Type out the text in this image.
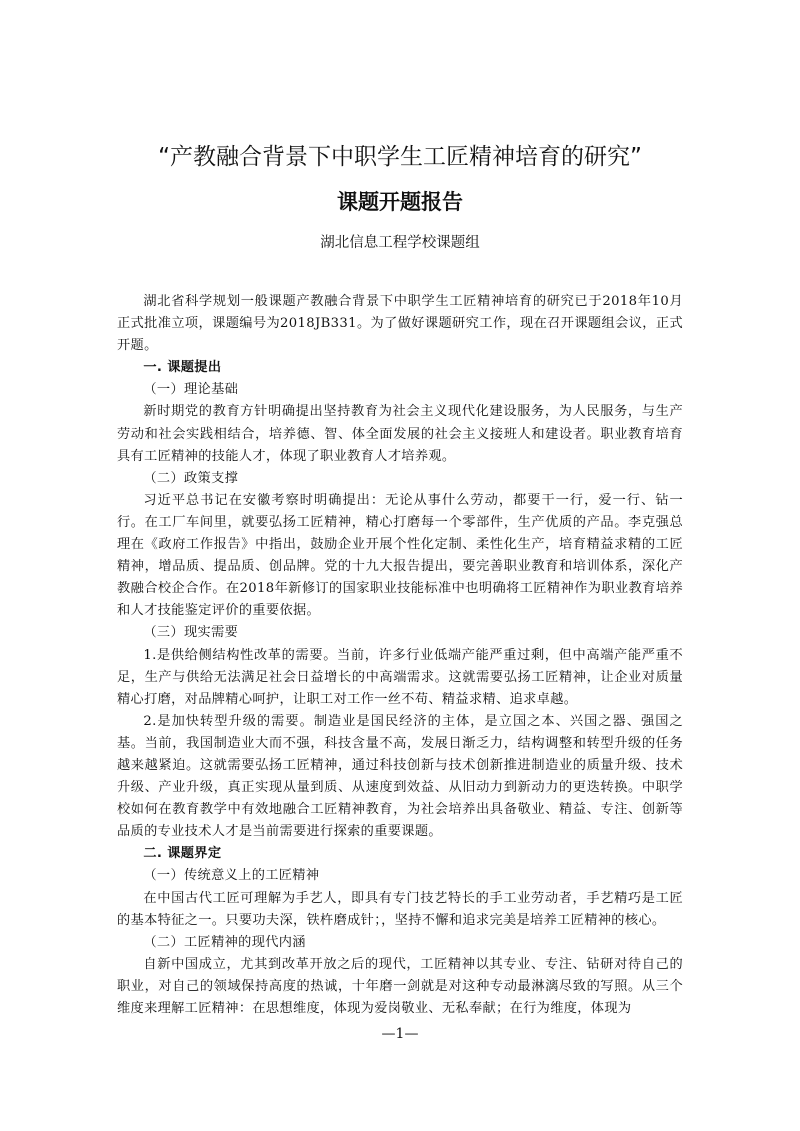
“产教融合背景下中职学生工匠精神培育的研究”
课题开题报告
湖北信息工程学校课题组

湖北省科学规划一般课题产教融合背景下中职学生工匠精神培育的研究已于2018年10月正式批准立项，课题编号为2018JB331。为了做好课题研究工作，现在召开课题组会议，正式开题。

一. 课题提出

（一）理论基础

新时期党的教育方针明确提出坚持教育为社会主义现代化建设服务，为人民服务，与生产劳动和社会实践相结合，培养德、智、体全面发展的社会主义接班人和建设者。职业教育培育具有工匠精神的技能人才，体现了职业教育人才培养观。

（二）政策支撑

习近平总书记在安徽考察时明确提出：无论从事什么劳动，都要干一行，爱一行、钻一行。在工厂车间里，就要弘扬工匠精神，精心打磨每一个零部件，生产优质的产品。李克强总理在《政府工作报告》中指出，鼓励企业开展个性化定制、柔性化生产，培育精益求精的工匠精神，增品质、提品质、创品牌。党的十九大报告提出，要完善职业教育和培训体系，深化产教融合校企合作。在2018年新修订的国家职业技能标准中也明确将工匠精神作为职业教育培养和人才技能鉴定评价的重要依据。

（三）现实需要

1.是供给侧结构性改革的需要。当前，许多行业低端产能严重过剩，但中高端产能严重不足，生产与供给无法满足社会日益增长的中高端需求。这就需要弘扬工匠精神，让企业对质量精心打磨，对品牌精心呵护，让职工对工作一丝不苟、精益求精、追求卓越。

2.是加快转型升级的需要。制造业是国民经济的主体，是立国之本、兴国之器、强国之基。当前，我国制造业大而不强，科技含量不高，发展日渐乏力，结构调整和转型升级的任务越来越紧迫。这就需要弘扬工匠精神，通过科技创新与技术创新推进制造业的质量升级、技术升级、产业升级，真正实现从量到质、从速度到效益、从旧动力到新动力的更迭转换。中职学校如何在教育教学中有效地融合工匠精神教育，为社会培养出具备敬业、精益、专注、创新等品质的专业技术人才是当前需要进行探索的重要课题。

二. 课题界定

（一）传统意义上的工匠精神

在中国古代工匠可理解为手艺人，即具有专门技艺特长的手工业劳动者，手艺精巧是工匠的基本特征之一。只要功夫深，铁杵磨成针；，坚持不懈和追求完美是培养工匠精神的核心。

（二）工匠精神的现代内涵

自新中国成立，尤其到改革开放之后的现代，工匠精神以其专业、专注、钻研对待自己的职业，对自己的领域保持高度的热诚，十年磨一剑就是对这种专动最淋漓尽致的写照。从三个维度来理解工匠精神：在思想维度，体现为爱岗敬业、无私奉献；在行为维度，体现为

—1—
